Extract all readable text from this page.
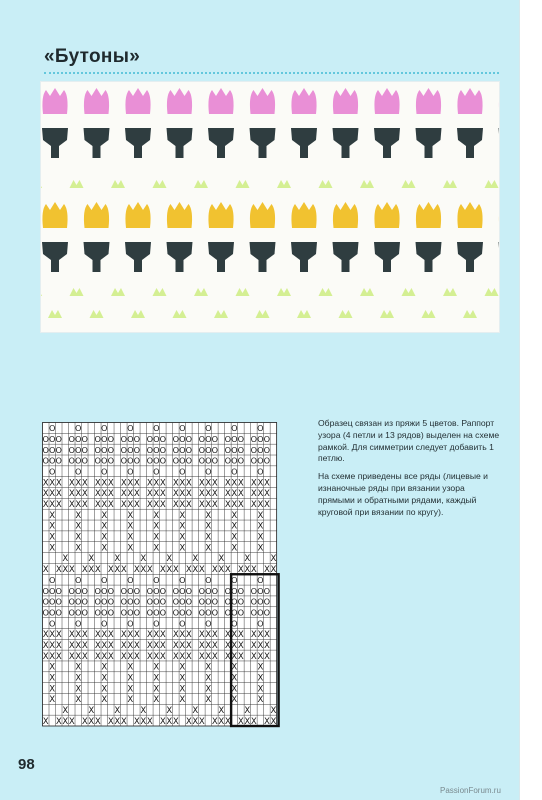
«Бутоны»
O O O O O O O O O
O O O O O O O O O O O O O O O O O O O O O O O O O O O
O O O O O O O O O O O O O O O O O O O O O O O O O O O
O O O O O O O O O O O O O O O O O O O O O O O O O O O
O O O O O O O O O
X X X X X X X X X X X X X X X X X X X X X X X X X X X
X X X X X X X X X X X X X X X X X X X X X X X X X X X
X X X X X X X X X X X X X X X X X X X X X X X X X X X
X X X X X X X X X
X X X X X X X X X
X X X X X X X X X
X X X X X X X X X
X X X X X X X X X
X X X X X X X X X X X X X X X X X X X X X X X X X X X
O O O O O O O O O
O O O O O O O O O O O O O O O O O O O O O O O O O O O
O O O O O O O O O O O O O O O O O O O O O O O O O O O
O O O O O O O O O O O O O O O O O O O O O O O O O O O
O O O O O O O O O
X X X X X X X X X X X X X X X X X X X X X X X X X X X
X X X X X X X X X X X X X X X X X X X X X X X X X X X
X X X X X X X X X X X X X X X X X X X X X X X X X X X
X X X X X X X X X
X X X X X X X X X
X X X X X X X X X
X X X X X X X X X
X X X X X X X X X
X X X X X X X X X X X X X X X X X X X X X X X X X X X

Образец связан из пряжи 5 цветов. Раппорт узора (4 петли и 13 рядов) выделен на схеме рамкой. Для симметрии следует добавить 1 петлю.

На схеме приведены все ряды (лицевые и изнаночные ряды при вязании узора прямыми и обратными рядами, каждый круговой при вязании по кругу).

98
PassionForum.ru
